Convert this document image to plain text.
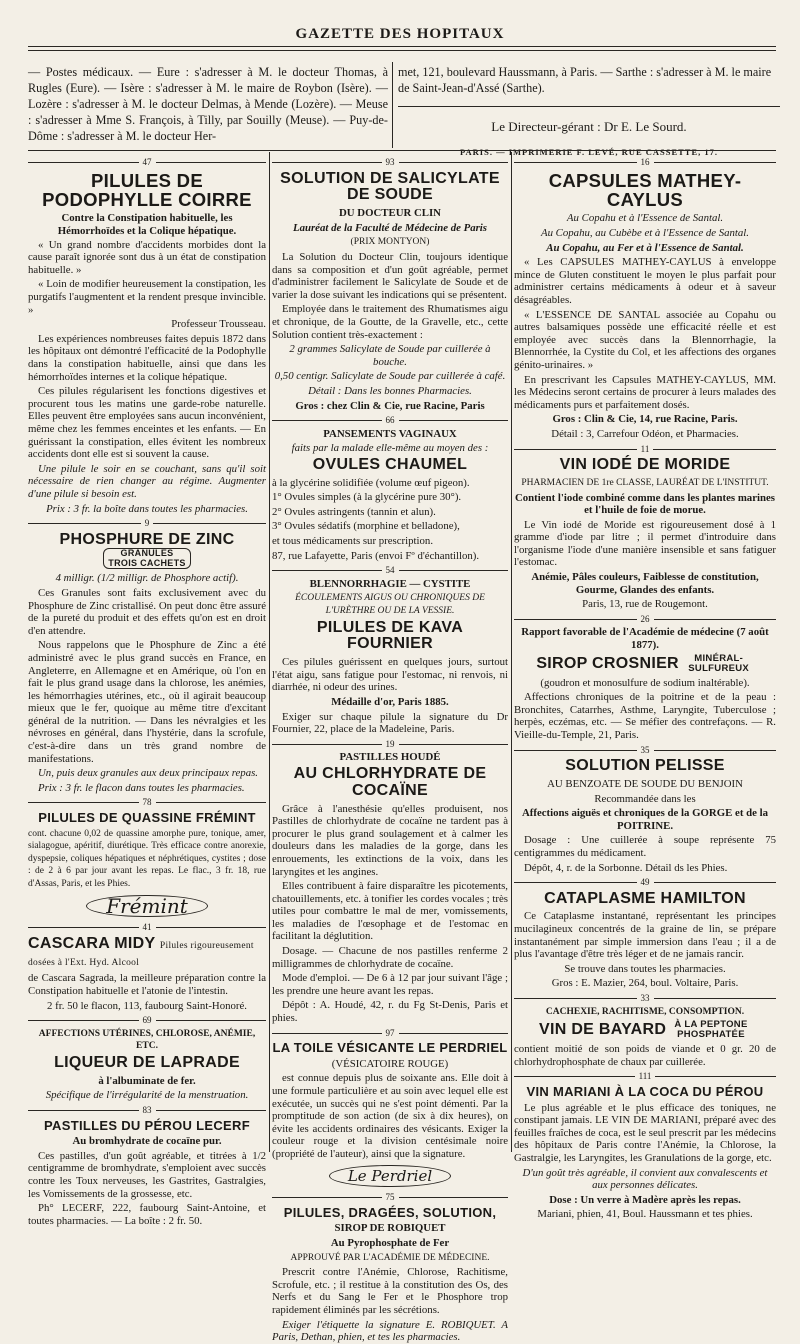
GAZETTE DES HOPITAUX
— Postes médicaux. — Eure : s'adresser à M. le docteur Thomas, à Rugles (Eure). — Isère : s'adresser à M. le maire de Roybon (Isère). — Lozère : s'adresser à M. le docteur Delmas, à Mende (Lozère). — Meuse : s'adresser à Mme S. François, à Tilly, par Souilly (Meuse). — Puy-de-Dôme : s'adresser à M. le docteur Her-
met, 121, boulevard Haussmann, à Paris. — Sarthe : s'adresser à M. le maire de Saint-Jean-d'Assé (Sarthe).
Le Directeur-gérant : Dr E. Le Sourd.
PARIS. — IMPRIMERIE F. LEVÉ, RUE CASSETTE, 17.
47
PILULES DE PODOPHYLLE COIRRE
Contre la Constipation habituelle, les Hémorrhoïdes et la Colique hépatique.

« Un grand nombre d'accidents morbides dont la cause paraît ignorée sont dus à un état de constipation habituelle. »

« Loin de modifier heureusement la constipation, les purgatifs l'augmentent et la rendent presque invincible. »

Professeur Trousseau.

Les expériences nombreuses faites depuis 1872 dans les hôpitaux ont démontré l'efficacité de la Podophylle dans la constipation habituelle, ainsi que dans les hémorrhoïdes internes et la colique hépatique.

Ces pilules régularisent les fonctions digestives et procurent tous les matins une garde-robe naturelle. Elles peuvent être employées sans aucun inconvénient, même chez les femmes enceintes et les enfants. — En guérissant la constipation, elles évitent les nombreux accidents dont elle est si souvent la cause.

Une pilule le soir en se couchant, sans qu'il soit nécessaire de rien changer au régime. Augmenter d'une pilule si besoin est.

Prix : 3 fr. la boîte dans toutes les pharmacies.

9
PHOSPHURE DE ZINC GRANULES TROIS CACHETS

4 milligr. (1/2 milligr. de Phosphore actif).

Ces Granules sont faits exclusivement avec du Phosphure de Zinc cristallisé. On peut donc être assuré de la pureté du produit et des effets qu'on est en droit d'en attendre.

Nous rappelons que le Phosphure de Zinc a été administré avec le plus grand succès en France, en Angleterre, en Allemagne et en Amérique, où l'on en fait le plus grand usage dans la chlorose, les anémies, les hémorrhagies utérines, etc., où il agirait beaucoup mieux que le fer, quoique au même titre d'excitant général de la nutrition. — Dans les névralgies et les névroses en général, dans l'hystérie, dans la scrofule, c'est-à-dire dans un très grand nombre de manifestations.

Un, puis deux granules aux deux principaux repas.

Prix : 3 fr. le flacon dans toutes les pharmacies.

78
PILULES DE QUASSINE FRÉMINT

cont. chacune 0,02 de quassine amorphe pure, tonique, amer, sialagogue, apéritif, diurétique. Très efficace contre anorexie, dyspepsie, coliques hépatiques et néphrétiques, cystites ; dose : de 2 à 6 par jour avant les repas. Le flac., 3 fr. 18, rue d'Assas, Paris, et les Phies.

Frémint
41
CASCARA MIDY Pilules rigoureusement dosées à l'Ext. Hyd. Alcool

de Cascara Sagrada, la meilleure préparation contre la Constipation habituelle et l'atonie de l'intestin.

2 fr. 50 le flacon, 113, faubourg Saint-Honoré.

69

AFFECTIONS UTÉRINES, CHLOROSE, ANÉMIE, ETC.

LIQUEUR DE LAPRADE

à l'albuminate de fer.

Spécifique de l'irrégularité de la menstruation.

83
PASTILLES DU PÉROU LECERF

Au bromhydrate de cocaïne pur.

Ces pastilles, d'un goût agréable, et titrées à 1/2 centigramme de bromhydrate, s'emploient avec succès contre les Toux nerveuses, les Gastrites, Gastralgies, les Vomissements de la grossesse, etc.

Ph° LECERF, 222, faubourg Saint-Antoine, et toutes pharmacies. — La boîte : 2 fr. 50.

93
SOLUTION DE SALICYLATE DE SOUDE

DU DOCTEUR CLIN

Lauréat de la Faculté de Médecine de Paris

(PRIX MONTYON)

La Solution du Docteur Clin, toujours identique dans sa composition et d'un goût agréable, permet d'administrer facilement le Salicylate de Soude et de varier la dose suivant les indications qui se présentent.

Employée dans le traitement des Rhumatismes aigu et chronique, de la Goutte, de la Gravelle, etc., cette Solution contient très-exactement :

2 grammes Salicylate de Soude par cuillerée à bouche.

0,50 centigr. Salicylate de Soude par cuillerée à café.

Détail : Dans les bonnes Pharmacies.

Gros : chez Clin & Cie, rue Racine, Paris

66

PANSEMENTS VAGINAUX

faits par la malade elle-même au moyen des :

OVULES CHAUMEL

à la glycérine solidifiée (volume œuf pigeon).

1° Ovules simples (à la glycérine pure 30°).

2° Ovules astringents (tannin et alun).

3° Ovules sédatifs (morphine et belladone),

et tous médicaments sur prescription.

87, rue Lafayette, Paris (envoi Fº d'échantillon).

54

BLENNORRHAGIE — CYSTITE

ÉCOULEMENTS AIGUS OU CHRONIQUES DE L'URÈTHRE OU DE LA VESSIE.

PILULES DE KAVA FOURNIER

Ces pilules guérissent en quelques jours, surtout l'état aigu, sans fatigue pour l'estomac, ni renvois, ni diarrhée, ni odeur des urines.

Médaille d'or, Paris 1885.

Exiger sur chaque pilule la signature du Dr Fournier, 22, place de la Madeleine, Paris.

19

PASTILLES HOUDÉ

AU CHLORHYDRATE DE COCAÏNE

Grâce à l'anesthésie qu'elles produisent, nos Pastilles de chlorhydrate de cocaïne ne tardent pas à procurer le plus grand soulagement et à calmer les douleurs dans les maladies de la gorge, dans les enrouements, les extinctions de la voix, dans les laryngites et les angines.

Elles contribuent à faire disparaître les picotements, chatouillements, etc. à tonifier les cordes vocales ; très utiles pour combattre le mal de mer, vomissements, les maladies de l'œsophage et de l'estomac en facilitant la déglutition.

Dosage. — Chacune de nos pastilles renferme 2 milligrammes de chlorhydrate de cocaïne.

Mode d'emploi. — De 6 à 12 par jour suivant l'âge ; les prendre une heure avant les repas.

Dépôt : A. Houdé, 42, r. du Fg St-Denis, Paris et phies.

97
LA TOILE VÉSICANTE LE PERDRIEL

(VÉSICATOIRE ROUGE)

est connue depuis plus de soixante ans. Elle doit à une formule particulière et au soin avec lequel elle est exécutée, un succès qui ne s'est point démenti. Par la promptitude de son action (de six à dix heures), on évite les accidents ordinaires des vésicants. Exiger la couleur rouge et la division centésimale noire (propriété de l'auteur), ainsi que la signature.

Le Perdriel
75
PILULES, DRAGÉES, SOLUTION,

SIROP DE ROBIQUET

Au Pyrophosphate de Fer

APPROUVÉ PAR L'ACADÉMIE DE MÉDECINE.

Prescrit contre l'Anémie, Chlorose, Rachitisme, Scrofule, etc. ; il restitue à la constitution des Os, des Nerfs et du Sang le Fer et le Phosphore trop rapidement éliminés par les sécrétions.

Exiger l'étiquette la signature E. ROBIQUET. A Paris, Dethan, phien, et tes les pharmacies.

16
CAPSULES MATHEY-CAYLUS

Au Copahu et à l'Essence de Santal.

Au Copahu, au Cubèbe et à l'Essence de Santal.

Au Copahu, au Fer et à l'Essence de Santal.

« Les CAPSULES MATHEY-CAYLUS à enveloppe mince de Gluten constituent le moyen le plus parfait pour administrer certains médicaments à odeur et à saveur désagréables.

« L'ESSENCE DE SANTAL associée au Copahu ou autres balsamiques possède une efficacité réelle et est employée avec succès dans la Blennorrhagie, la Blennorrhée, la Cystite du Col, et les affections des organes génito-urinaires. »

En prescrivant les Capsules MATHEY-CAYLUS, MM. les Médecins seront certains de procurer à leurs malades des médicaments purs et parfaitement dosés.

Gros : Clin & Cie, 14, rue Racine, Paris.

Détail : 3, Carrefour Odéon, et Pharmacies.

11
VIN IODÉ DE MORIDE

PHARMACIEN DE 1re CLASSE, LAURÉAT DE L'INSTITUT.

Contient l'iode combiné comme dans les plantes marines et l'huile de foie de morue.

Le Vin iodé de Moride est rigoureusement dosé à 1 gramme d'iode par litre ; il permet d'introduire dans l'organisme l'iode d'une manière insensible et sans fatiguer l'estomac.

Anémie, Pâles couleurs, Faiblesse de constitution, Gourme, Glandes des enfants.

Paris, 13, rue de Rougemont.

26

Rapport favorable de l'Académie de médecine (7 août 1877).

SIROP CROSNIER MINÉRAL-SULFUREUX

(goudron et monosulfure de sodium inaltérable).

Affections chroniques de la poitrine et de la peau : Bronchites, Catarrhes, Asthme, Laryngite, Tuberculose ; herpès, eczémas, etc. — Se méfier des contrefaçons. — R. Vieille-du-Temple, 21, Paris.

35
SOLUTION PELISSE

AU BENZOATE DE SOUDE DU BENJOIN

Recommandée dans les

Affections aiguës et chroniques de la GORGE et de la POITRINE.

Dosage : Une cuillerée à soupe représente 75 centigrammes du médicament.

Dépôt, 4, r. de la Sorbonne. Détail ds les Phies.

49
CATAPLASME HAMILTON

Ce Cataplasme instantané, représentant les principes mucilagineux concentrés de la graine de lin, se prépare instantanément par simple immersion dans l'eau ; il a de plus l'avantage d'être très léger et de ne jamais rancir.

Se trouve dans toutes les pharmacies.

Gros : E. Mazier, 264, boul. Voltaire, Paris.

33

CACHEXIE, RACHITISME, CONSOMPTION.

VIN DE BAYARD À LA PEPTONE PHOSPHATÉE

contient moitié de son poids de viande et 0 gr. 20 de chlorhydrophosphate de chaux par cuillerée.

111
VIN MARIANI À LA COCA DU PÉROU

Le plus agréable et le plus efficace des toniques, ne constipant jamais. LE VIN DE MARIANI, préparé avec des feuilles fraîches de coca, est le seul prescrit par les médecins des hôpitaux de Paris contre l'Anémie, la Chlorose, la Gastralgie, les Laryngites, les Granulations de la gorge, etc.

D'un goût très agréable, il convient aux convalescents et aux personnes délicates.

Dose : Un verre à Madère après les repas.

Mariani, phien, 41, Boul. Haussmann et tes phies.
